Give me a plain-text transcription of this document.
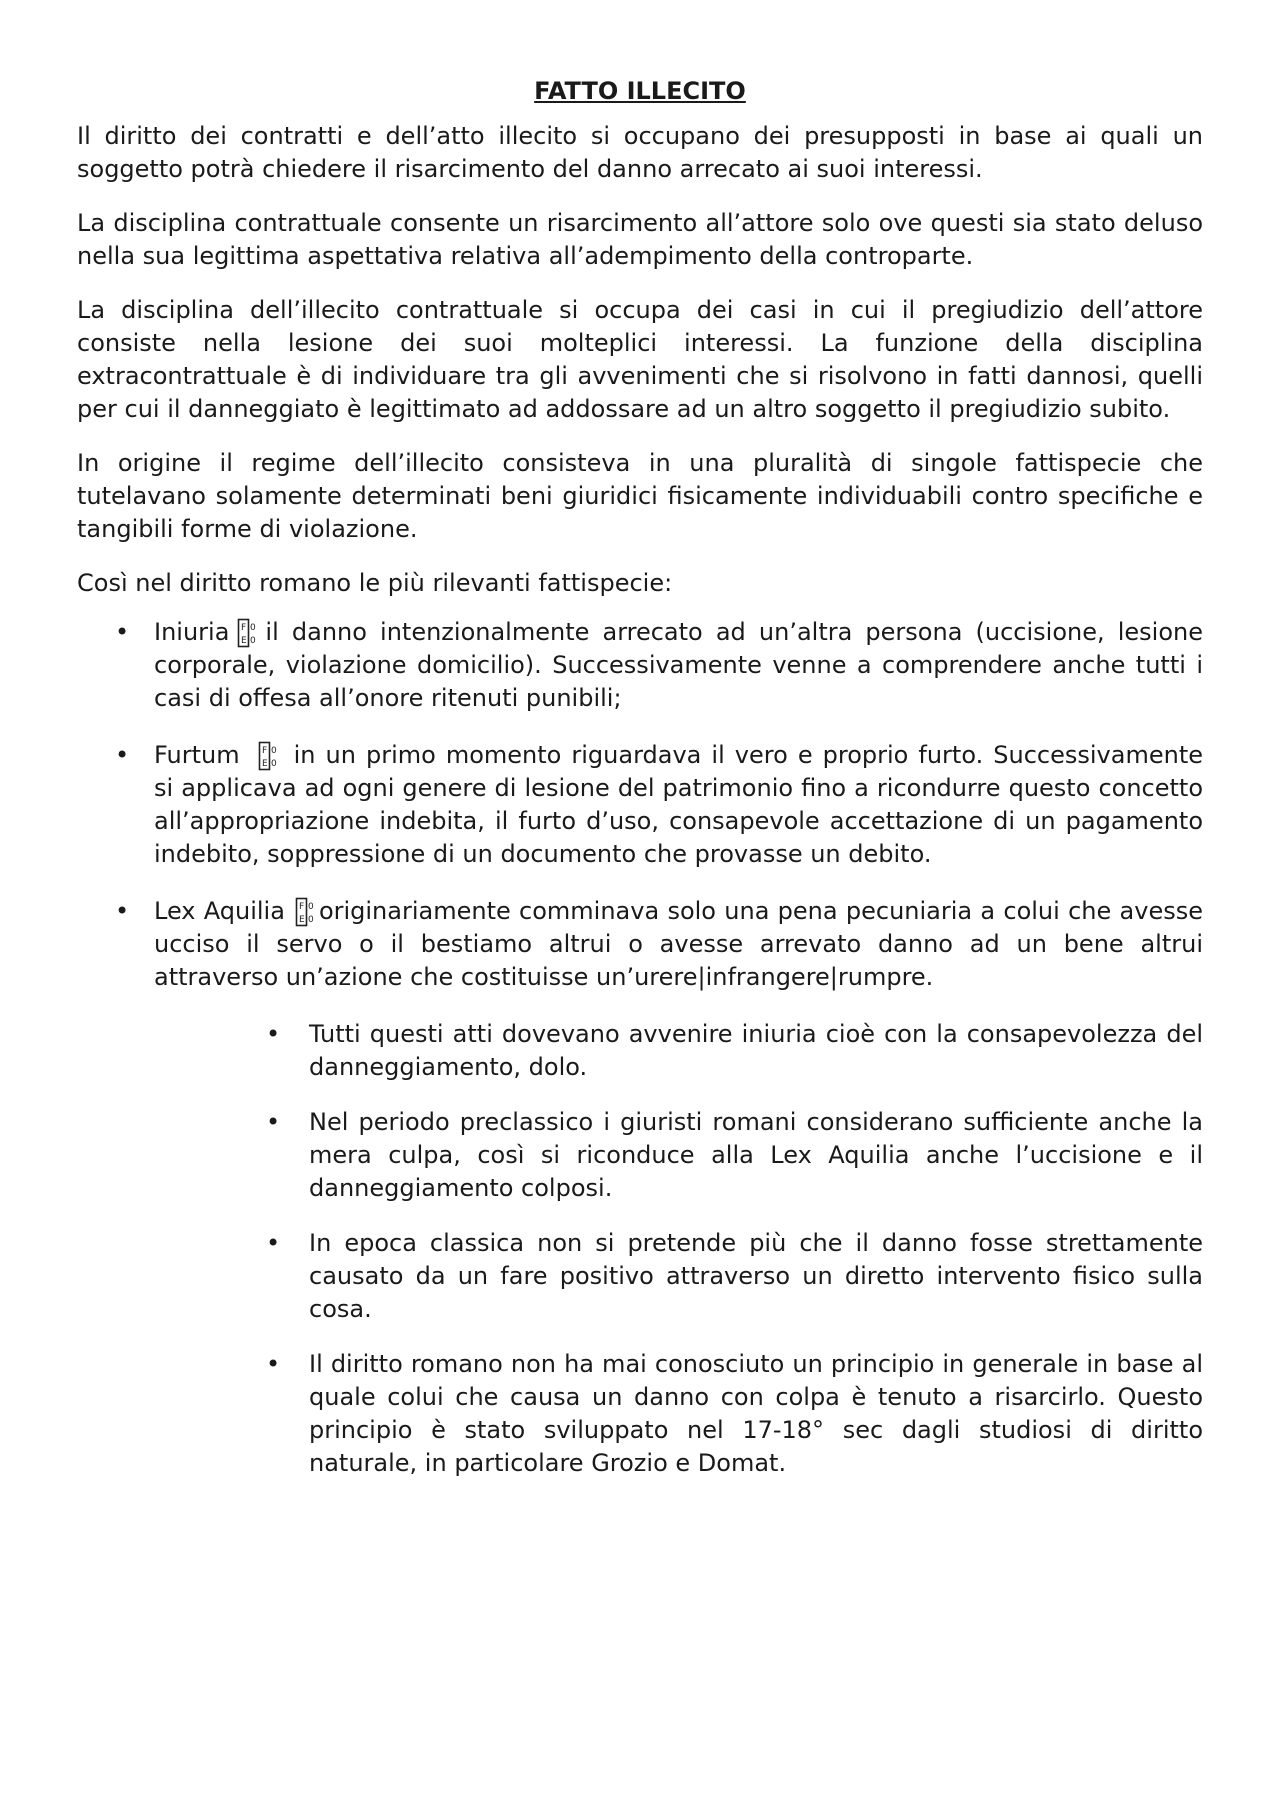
FATTO ILLECITO

Il diritto dei contratti e dell’atto illecito si occupano dei presupposti in base ai quali un soggetto potrà chiedere il risarcimento del danno arrecato ai suoi interessi.

La disciplina contrattuale consente un risarcimento all’attore solo ove questi sia stato deluso nella sua legittima aspettativa relativa all’adempimento della controparte.

La disciplina dell’illecito contrattuale si occupa dei casi in cui il pregiudizio dell’attore consiste nella lesione dei suoi molteplici interessi. La funzione della disciplina extracontrattuale è di individuare tra gli avvenimenti che si risolvono in fatti dannosi, quelli per cui il danneggiato è legittimato ad addossare ad un altro soggetto il pregiudizio subito.

In origine il regime dell’illecito consisteva in una pluralità di singole fattispecie che tutelavano solamente determinati beni giuridici fisicamente individuabili contro specifiche e tangibili forme di violazione.

Così nel diritto romano le più rilevanti fattispecie:

• Iniuria F
E
0
0 il danno intenzionalmente arrecato ad un’altra persona (uccisione, lesione corporale, violazione domicilio). Successivamente venne a comprendere anche tutti i casi di offesa all’onore ritenuti punibili;
• Furtum F
E
0
0 in un primo momento riguardava il vero e proprio furto. Successivamente si applicava ad ogni genere di lesione del patrimonio fino a ricondurre questo concetto all’appropriazione indebita, il furto d’uso, consapevole accettazione di un pagamento indebito, soppressione di un documento che provasse un debito.
• Lex Aquilia F
E
0
0 originariamente comminava solo una pena pecuniaria a colui che avesse ucciso il servo o il bestiamo altrui o avesse arrevato danno ad un bene altrui attraverso un’azione che costituisse un’urere|infrangere|rumpre.
• Tutti questi atti dovevano avvenire iniuria cioè con la consapevolezza del danneggiamento, dolo.
• Nel periodo preclassico i giuristi romani considerano sufficiente anche la mera culpa, così si riconduce alla Lex Aquilia anche l’uccisione e il danneggiamento colposi.
• In epoca classica non si pretende più che il danno fosse strettamente causato da un fare positivo attraverso un diretto intervento fisico sulla cosa.
• Il diritto romano non ha mai conosciuto un principio in generale in base al quale colui che causa un danno con colpa è tenuto a risarcirlo. Questo principio è stato sviluppato nel 17-18° sec dagli studiosi di diritto naturale, in particolare Grozio e Domat.
